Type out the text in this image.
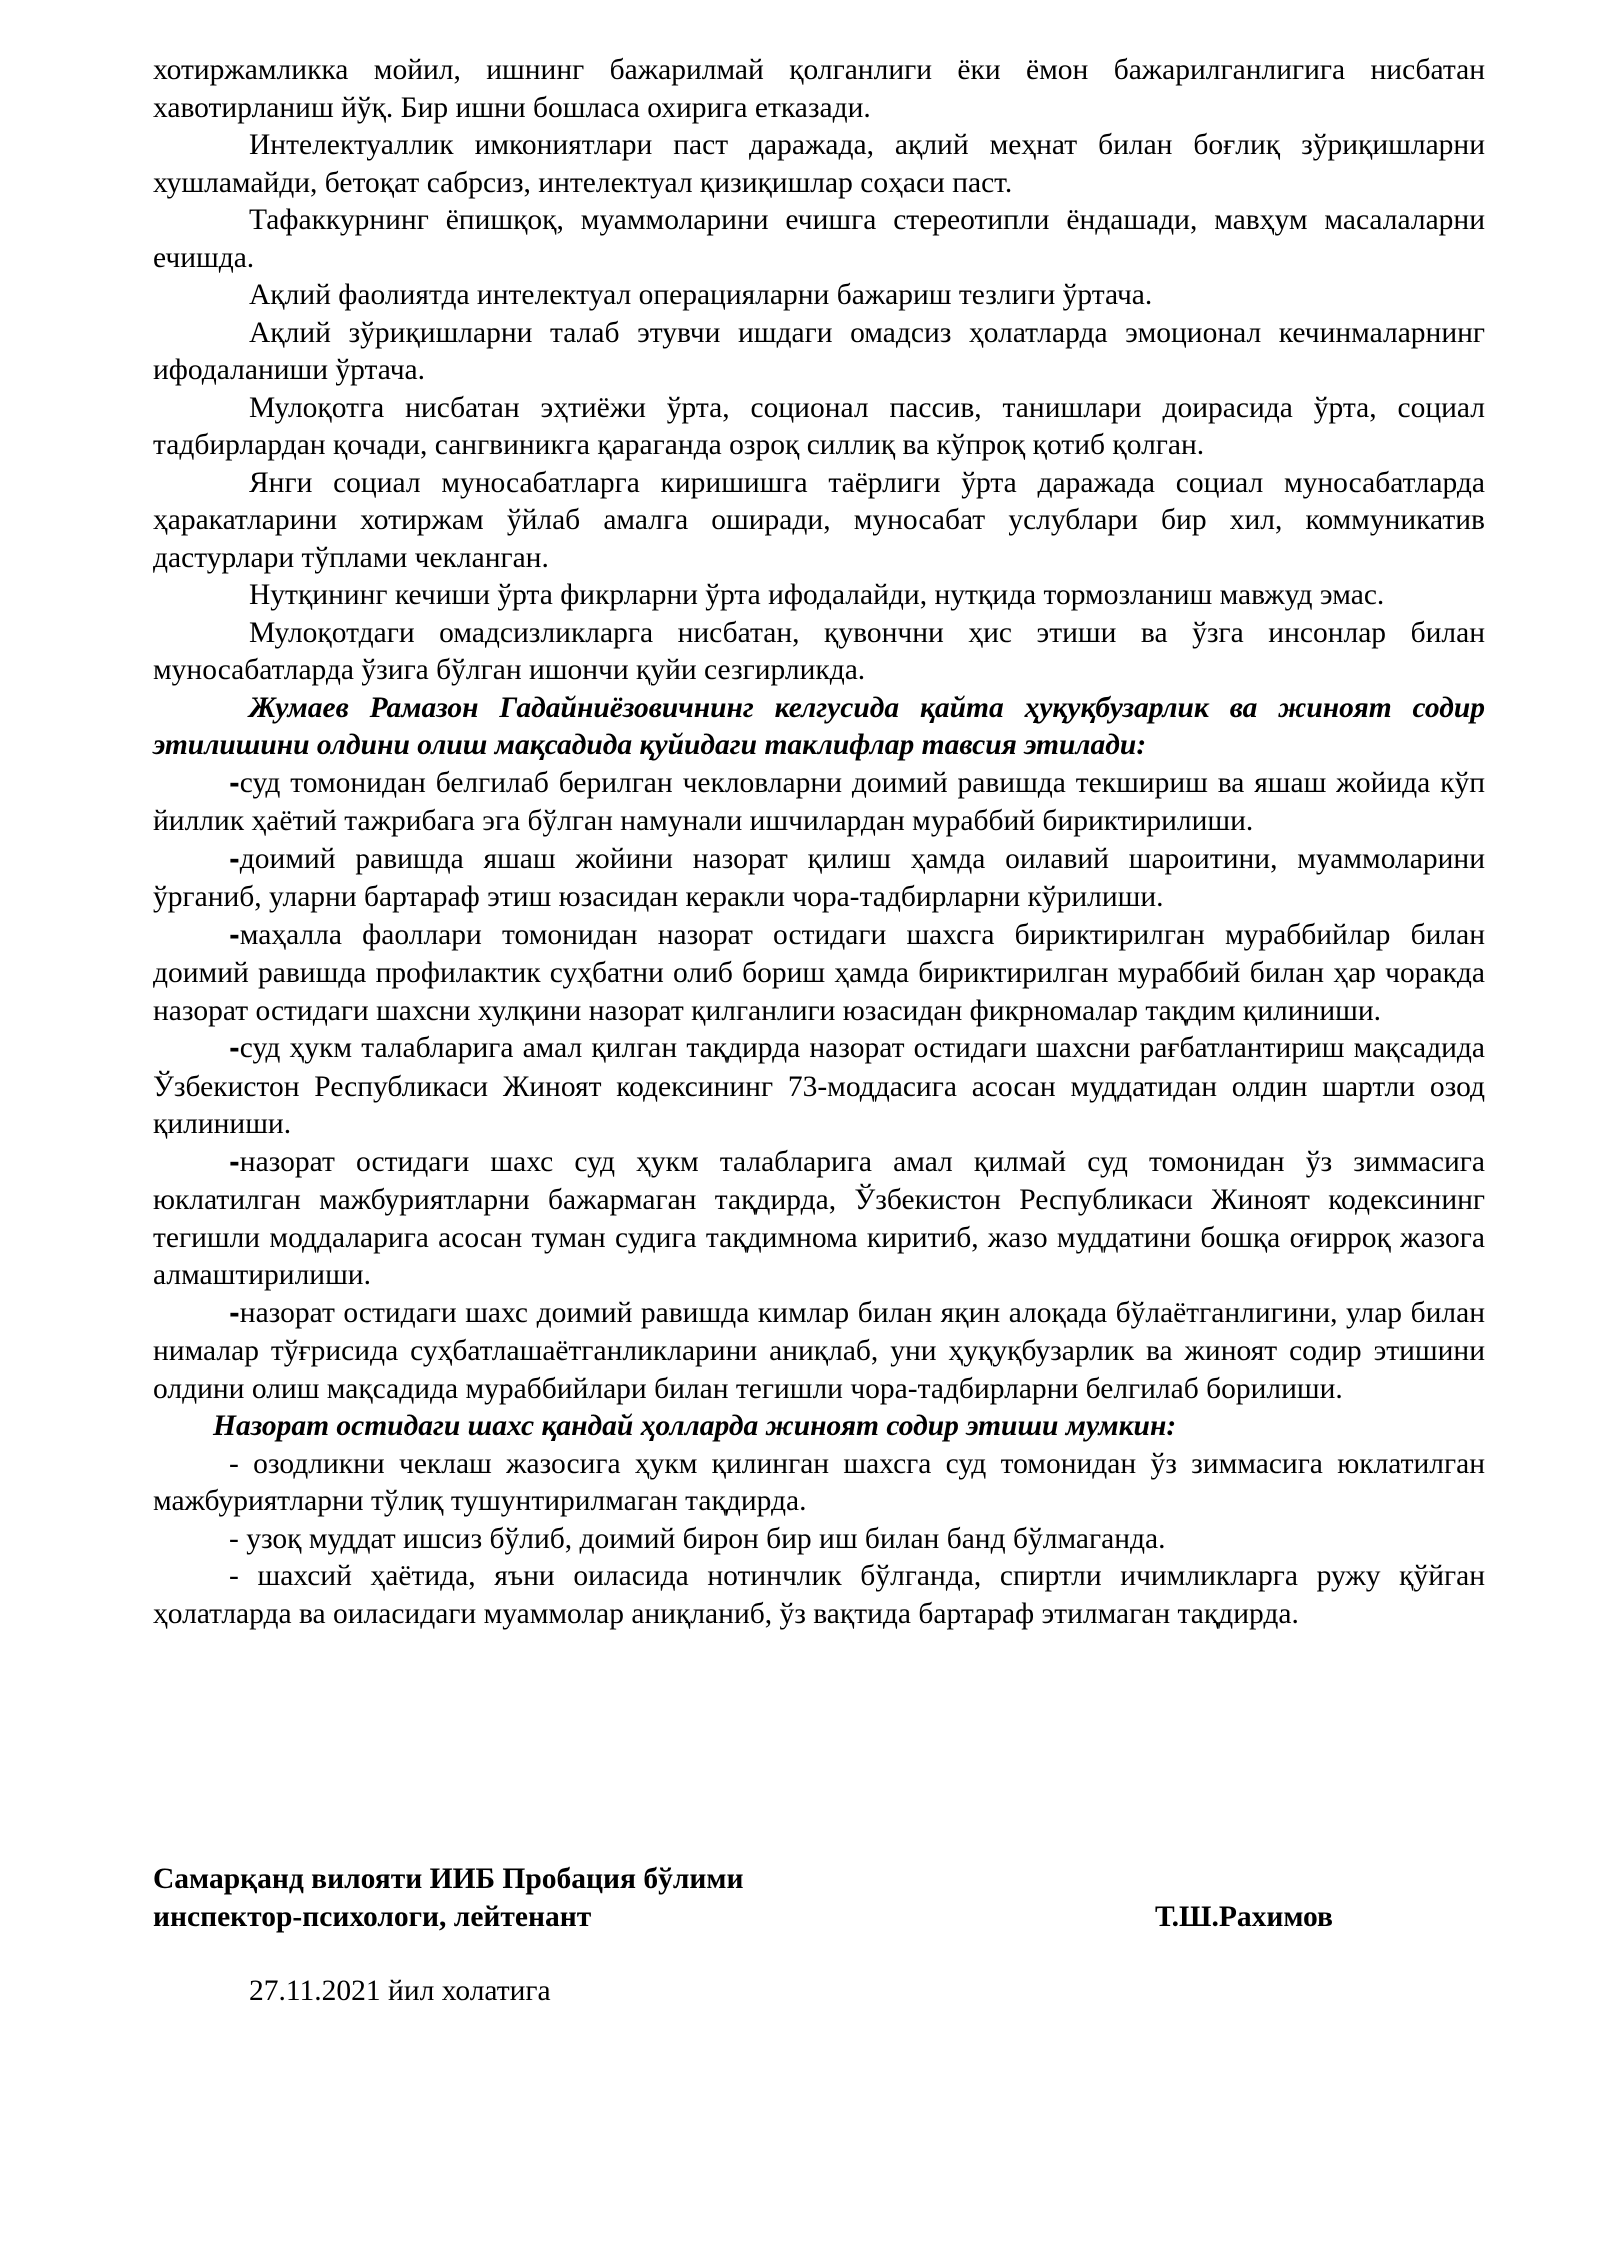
хотиржамликка мойил, ишнинг бажарилмай қолганлиги ёки ёмон бажарилганлигига нисбатан хавотирланиш йўқ. Бир ишни бошласа охирига етказади.

Интелектуаллик имкониятлари паст даражада, ақлий меҳнат билан боғлиқ зўриқишларни хушламайди, бетоқат сабрсиз, интелектуал қизиқишлар соҳаси паст.

Тафаккурнинг ёпишқоқ, муаммоларини ечишга стереотипли ёндашади, мавҳум масалаларни ечишда.

Ақлий фаолиятда интелектуал операцияларни бажариш тезлиги ўртача.

Ақлий зўриқишларни талаб этувчи ишдаги омадсиз ҳолатларда эмоционал кечинмаларнинг ифодаланиши ўртача.

Мулоқотга нисбатан эҳтиёжи ўрта, соционал пассив, танишлари доирасида ўрта, социал тадбирлардан қочади, сангвиникга қараганда озроқ силлиқ ва кўпроқ қотиб қолган.

Янги социал муносабатларга киришишга таёрлиги ўрта даражада социал муносабатларда ҳаракатларини хотиржам ўйлаб амалга оширади, муносабат услублари бир хил, коммуникатив дастурлари тўплами чекланган.

Нутқининг кечиши ўрта фикрларни ўрта ифодалайди, нутқида тормозланиш мавжуд эмас.

Мулоқотдаги омадсизликларга нисбатан, қувончни ҳис этиши ва ўзга инсонлар билан муносабатларда ўзига бўлган ишончи қуйи сезгирликда.

Жумаев Рамазон Гадайниёзовичнинг келгусида қайта ҳуқуқбузарлик ва жиноят содир этилишини олдини олиш мақсадида қуйидаги таклифлар тавсия этилади:

-суд томонидан белгилаб берилган чекловларни доимий равишда текшириш ва яшаш жойида кўп йиллик ҳаётий тажрибага эга бўлган намунали ишчилардан мураббий бириктирилиши.

-доимий равишда яшаш жойини назорат қилиш ҳамда оилавий шароитини, муаммоларини ўрганиб, уларни бартараф этиш юзасидан керакли чора-тадбирларни кўрилиши.

-маҳалла фаоллари томонидан назорат остидаги шахсга бириктирилган мураббийлар билан доимий равишда профилактик суҳбатни олиб бориш ҳамда бириктирилган мураббий билан ҳар чоракда назорат остидаги шахсни хулқини назорат қилганлиги юзасидан фикрномалар тақдим қилиниши.

-суд ҳукм талабларига амал қилган тақдирда назорат остидаги шахсни рағбатлантириш мақсадида Ўзбекистон Республикаси Жиноят кодексининг 73-моддасига асосан муддатидан олдин шартли озод қилиниши.

-назорат остидаги шахс суд ҳукм талабларига амал қилмай суд томонидан ўз зиммасига юклатилган мажбуриятларни бажармаган тақдирда, Ўзбекистон Республикаси Жиноят кодексининг тегишли моддаларига асосан туман судига тақдимнома киритиб, жазо муддатини бошқа оғирроқ жазога алмаштирилиши.

-назорат остидаги шахс доимий равишда кимлар билан яқин алоқада бўлаётганлигини, улар билан нималар тўғрисида суҳбатлашаётганликларини аниқлаб, уни ҳуқуқбузарлик ва жиноят содир этишини олдини олиш мақсадида мураббийлари билан тегишли чора-тадбирларни белгилаб борилиши.

Назорат остидаги шахс қандай ҳолларда жиноят содир этиши мумкин:

- озодликни чеклаш жазосига ҳукм қилинган шахсга суд томонидан ўз зиммасига юклатилган мажбуриятларни тўлиқ тушунтирилмаган тақдирда.

- узоқ муддат ишсиз бўлиб, доимий бирон бир иш билан банд бўлмаганда.

- шахсий ҳаётида, яъни оиласида нотинчлик бўлганда, спиртли ичимликларга ружу қўйган ҳолатларда ва оиласидаги муаммолар аниқланиб, ўз вақтида бартараф этилмаган тақдирда.

Самарқанд вилояти ИИБ Пробация бўлими
инспектор-психологи, лейтенант	Т.Ш.Рахимов
27.11.2021 йил холатига
